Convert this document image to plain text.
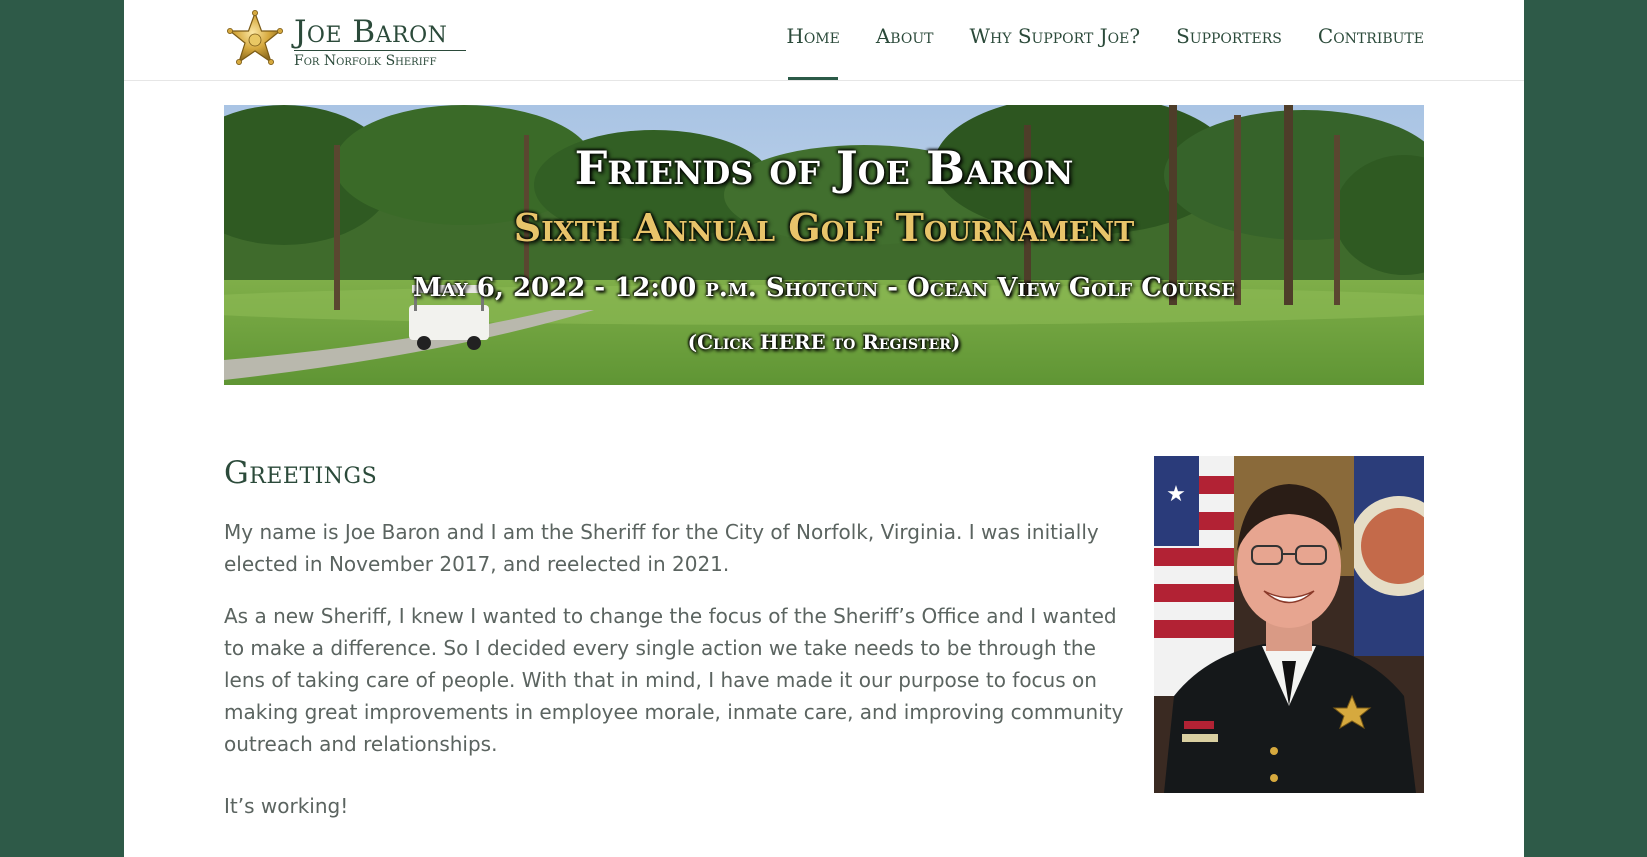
Joe Baron
For Norfolk Sheriff
Home About Why Support Joe? Supporters Contribute
Friends of Joe Baron
Sixth Annual Golf Tournament
May 6, 2022 - 12:00 p.m. Shotgun - Ocean View Golf Course
(Click HERE to Register)
Greetings

My name is Joe Baron and I am the Sheriff for the City of Norfolk, Virginia. I was initially elected in November 2017, and reelected in 2021.

As a new Sheriff, I knew I wanted to change the focus of the Sheriff’s Office and I wanted to make a difference. So I decided every single action we take needs to be through the lens of taking care of people. With that in mind, I have made it our purpose to focus on making great improvements in employee morale, inmate care, and improving community outreach and relationships.

It’s working!

★
